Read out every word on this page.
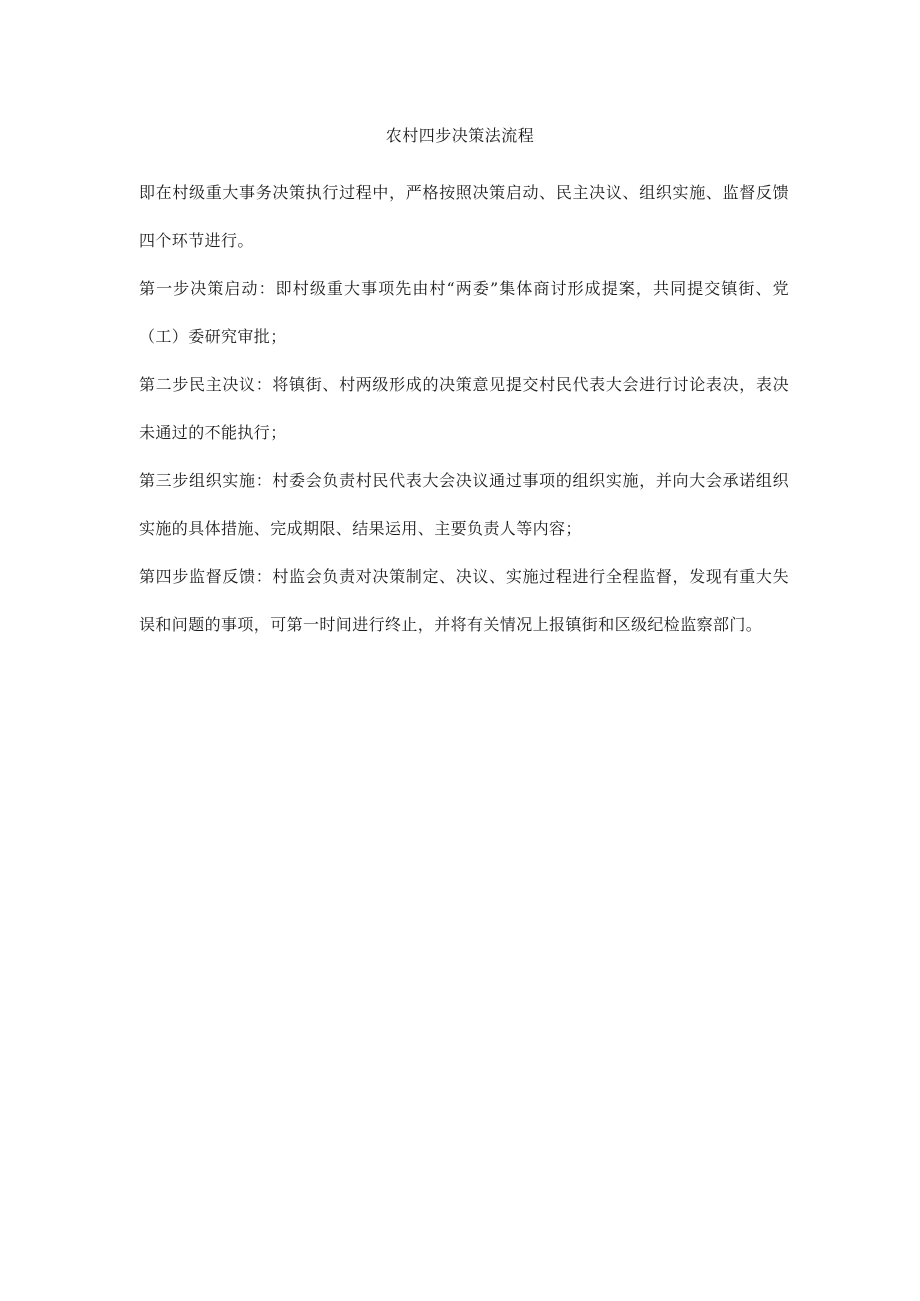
农村四步决策法流程

即在村级重大事务决策执行过程中，严格按照决策启动、民主决议、组织实施、监督反馈四个环节进行。

第一步决策启动：即村级重大事项先由村“两委”集体商讨形成提案，共同提交镇街、党（工）委研究审批；

第二步民主决议：将镇街、村两级形成的决策意见提交村民代表大会进行讨论表决，表决未通过的不能执行；

第三步组织实施：村委会负责村民代表大会决议通过事项的组织实施，并向大会承诺组织实施的具体措施、完成期限、结果运用、主要负责人等内容；

第四步监督反馈：村监会负责对决策制定、决议、实施过程进行全程监督，发现有重大失误和问题的事项，可第一时间进行终止，并将有关情况上报镇街和区级纪检监察部门。
